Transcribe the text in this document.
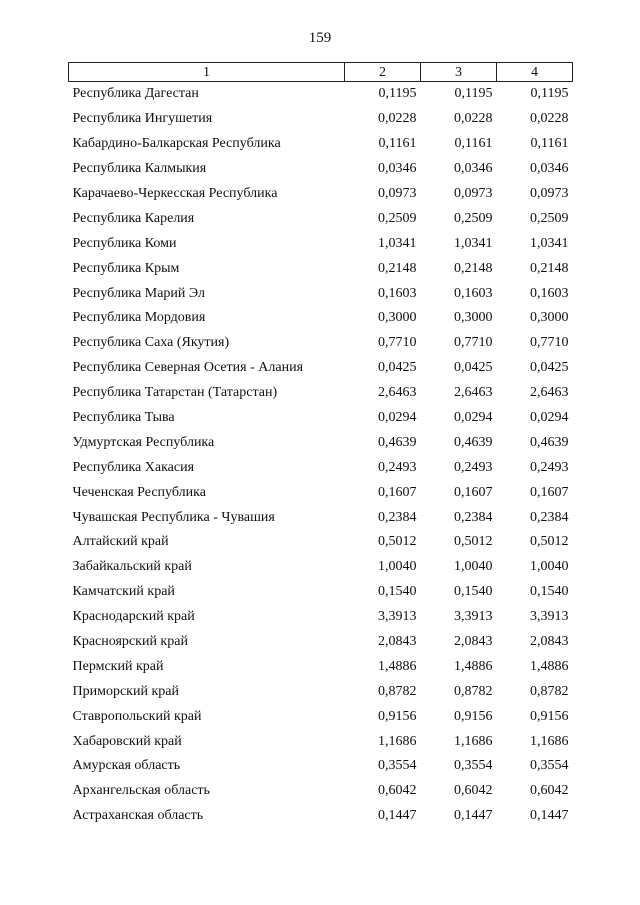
159
1	2	3	4
Республика Дагестан	0,1195	0,1195	0,1195
Республика Ингушетия	0,0228	0,0228	0,0228
Кабардино-Балкарская Республика	0,1161	0,1161	0,1161
Республика Калмыкия	0,0346	0,0346	0,0346
Карачаево-Черкесская Республика	0,0973	0,0973	0,0973
Республика Карелия	0,2509	0,2509	0,2509
Республика Коми	1,0341	1,0341	1,0341
Республика Крым	0,2148	0,2148	0,2148
Республика Марий Эл	0,1603	0,1603	0,1603
Республика Мордовия	0,3000	0,3000	0,3000
Республика Саха (Якутия)	0,7710	0,7710	0,7710
Республика Северная Осетия - Алания	0,0425	0,0425	0,0425
Республика Татарстан (Татарстан)	2,6463	2,6463	2,6463
Республика Тыва	0,0294	0,0294	0,0294
Удмуртская Республика	0,4639	0,4639	0,4639
Республика Хакасия	0,2493	0,2493	0,2493
Чеченская Республика	0,1607	0,1607	0,1607
Чувашская Республика - Чувашия	0,2384	0,2384	0,2384
Алтайский край	0,5012	0,5012	0,5012
Забайкальский край	1,0040	1,0040	1,0040
Камчатский край	0,1540	0,1540	0,1540
Краснодарский край	3,3913	3,3913	3,3913
Красноярский край	2,0843	2,0843	2,0843
Пермский край	1,4886	1,4886	1,4886
Приморский край	0,8782	0,8782	0,8782
Ставропольский край	0,9156	0,9156	0,9156
Хабаровский край	1,1686	1,1686	1,1686
Амурская область	0,3554	0,3554	0,3554
Архангельская область	0,6042	0,6042	0,6042
Астраханская область	0,1447	0,1447	0,1447
